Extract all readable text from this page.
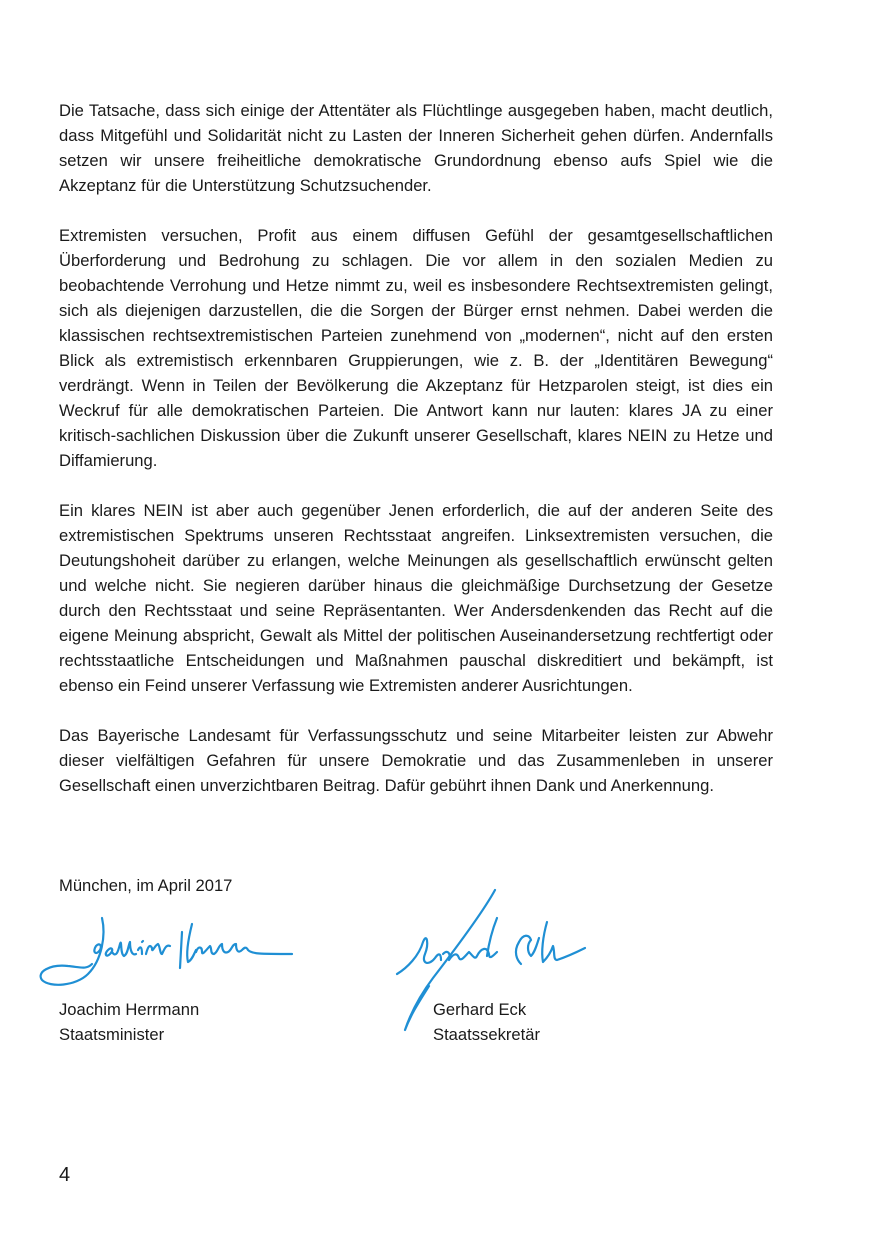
Die Tatsache, dass sich einige der Attentäter als Flüchtlinge ausgegeben haben, macht deutlich, dass Mitgefühl und Solidarität nicht zu Lasten der Inneren Sicherheit gehen dürfen. Andernfalls setzen wir unsere freiheitliche demokratische Grundordnung ebenso aufs Spiel wie die Akzeptanz für die Unterstützung Schutzsuchender.

Extremisten versuchen, Profit aus einem diffusen Gefühl der gesamtgesellschaftlichen Überforderung und Bedrohung zu schlagen. Die vor allem in den sozialen Medien zu beobachtende Verrohung und Hetze nimmt zu, weil es insbesondere Rechtsextremisten gelingt, sich als diejenigen darzustellen, die die Sorgen der Bürger ernst nehmen. Dabei werden die klassischen rechtsextremistischen Parteien zunehmend von „modernen“, nicht auf den ersten Blick als extremistisch erkennbaren Gruppierungen, wie z. B. der „Identitären Bewegung“ verdrängt. Wenn in Teilen der Bevölkerung die Akzeptanz für Hetzparolen steigt, ist dies ein Weckruf für alle demokratischen Parteien. Die Antwort kann nur lauten: klares JA zu einer kritisch-sachlichen Diskussion über die Zukunft unserer Gesellschaft, klares NEIN zu Hetze und Diffamierung.

Ein klares NEIN ist aber auch gegenüber Jenen erforderlich, die auf der anderen Seite des extremistischen Spektrums unseren Rechtsstaat angreifen. Linksextremisten versuchen, die Deutungshoheit darüber zu erlangen, welche Meinungen als gesellschaftlich erwünscht gelten und welche nicht. Sie negieren darüber hinaus die gleichmäßige Durchsetzung der Gesetze durch den Rechtsstaat und seine Repräsentanten. Wer Andersdenkenden das Recht auf die eigene Meinung abspricht, Gewalt als Mittel der politischen Auseinandersetzung rechtfertigt oder rechtsstaatliche Entscheidungen und Maßnahmen pauschal diskreditiert und bekämpft, ist ebenso ein Feind unserer Verfassung wie Extremisten anderer Ausrichtungen.

Das Bayerische Landesamt für Verfassungsschutz und seine Mitarbeiter leisten zur Abwehr dieser vielfältigen Gefahren für unsere Demokratie und das Zusammenleben in unserer Gesellschaft einen unverzichtbaren Beitrag. Dafür gebührt ihnen Dank und Anerkennung.

München, im April 2017

Joachim Herrmann
Staatsminister
Gerhard Eck
Staatssekretär
4
